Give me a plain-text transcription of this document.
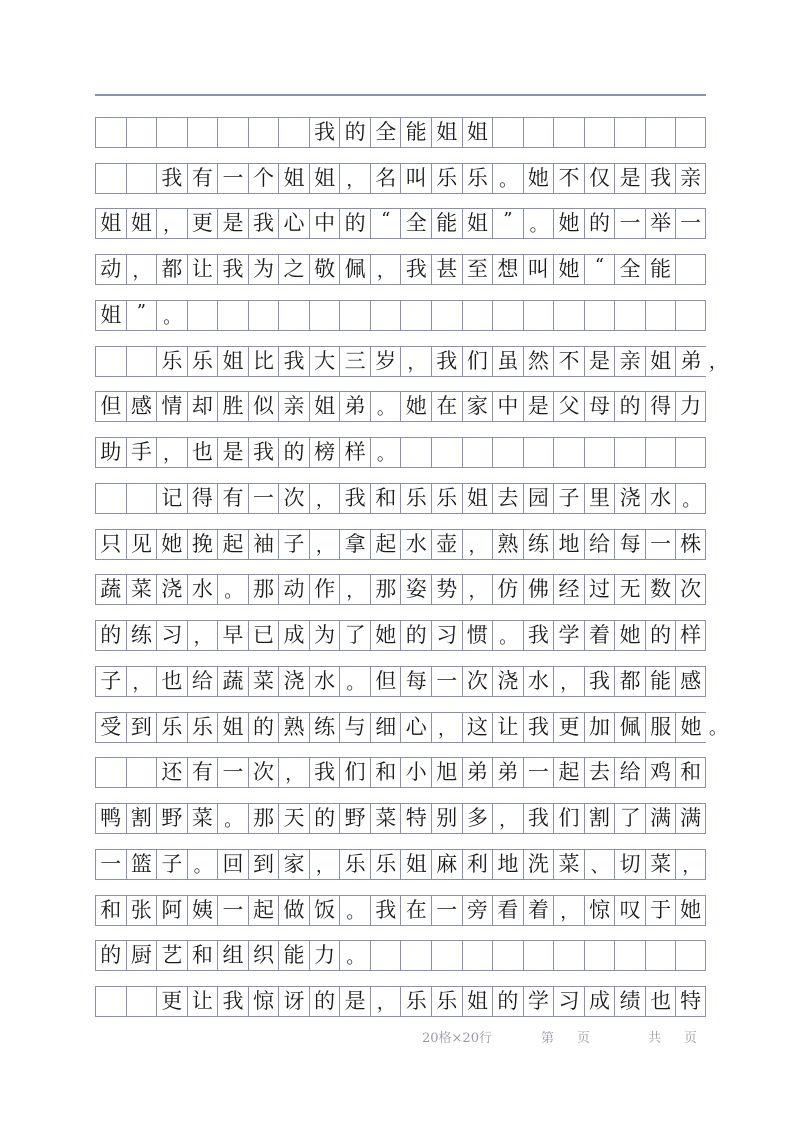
我 的 全 能 姐 姐
我 有 一 个 姐 姐 ， 名 叫 乐 乐 。 她 不 仅 是 我 亲
姐 姐 ， 更 是 我 心 中 的 “ 全 能 姐 ” 。 她 的 一 举 一
动 ， 都 让 我 为 之 敬 佩 ， 我 甚 至 想 叫 她 “ 全 能
姐 ” 。
乐 乐 姐 比 我 大 三 岁 ， 我 们 虽 然 不 是 亲 姐 弟 ，
但 感 情 却 胜 似 亲 姐 弟 。 她 在 家 中 是 父 母 的 得 力
助 手 ， 也 是 我 的 榜 样 。
记 得 有 一 次 ， 我 和 乐 乐 姐 去 园 子 里 浇 水 。
只 见 她 挽 起 袖 子 ， 拿 起 水 壶 ， 熟 练 地 给 每 一 株
蔬 菜 浇 水 。 那 动 作 ， 那 姿 势 ， 仿 佛 经 过 无 数 次
的 练 习 ， 早 已 成 为 了 她 的 习 惯 。 我 学 着 她 的 样
子 ， 也 给 蔬 菜 浇 水 。 但 每 一 次 浇 水 ， 我 都 能 感
受 到 乐 乐 姐 的 熟 练 与 细 心 ， 这 让 我 更 加 佩 服 她 。
还 有 一 次 ， 我 们 和 小 旭 弟 弟 一 起 去 给 鸡 和
鸭 割 野 菜 。 那 天 的 野 菜 特 别 多 ， 我 们 割 了 满 满
一 篮 子 。 回 到 家 ， 乐 乐 姐 麻 利 地 洗 菜 、 切 菜 ，
和 张 阿 姨 一 起 做 饭 。 我 在 一 旁 看 着 ， 惊 叹 于 她
的 厨 艺 和 组 织 能 力 。
更 让 我 惊 讶 的 是 ， 乐 乐 姐 的 学 习 成 绩 也 特
20格×20行	第 页	共 页
